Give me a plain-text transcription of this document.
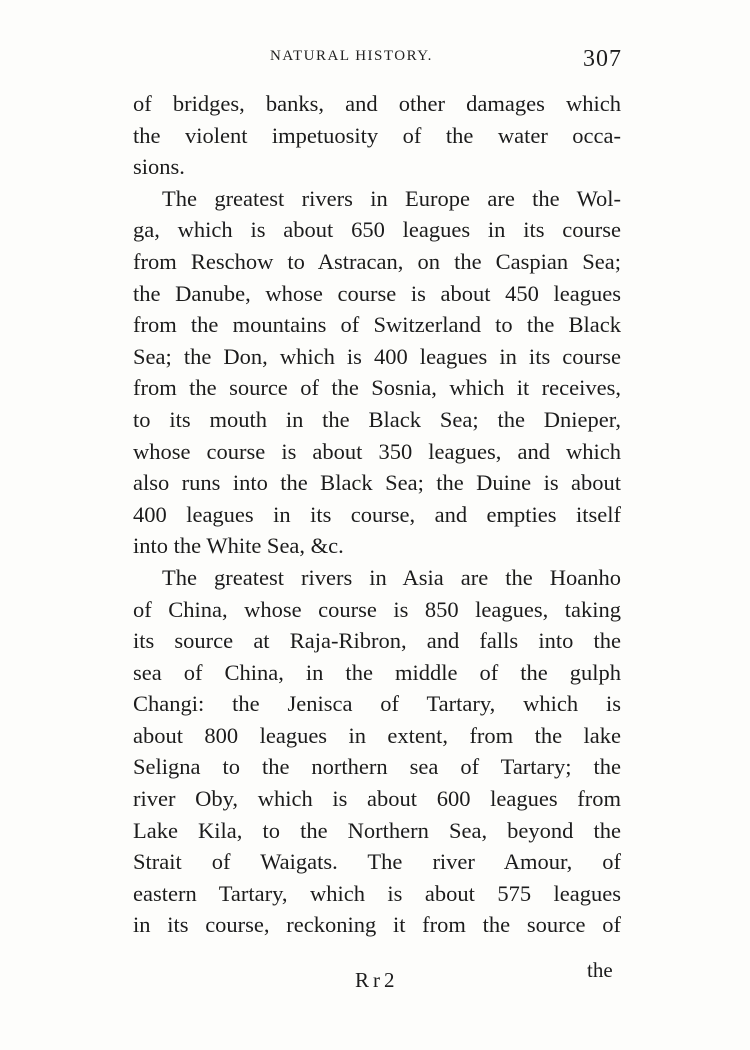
NATURAL HISTORY.	307
of bridges, banks, and other damages which
the violent impetuosity of the water occa-
sions.
The greatest rivers in Europe are the Wol-
ga, which is about 650 leagues in its course
from Reschow to Astracan, on the Caspian Sea;
the Danube, whose course is about 450 leagues
from the mountains of Switzerland to the Black
Sea; the Don, which is 400 leagues in its course
from the source of the Sosnia, which it receives,
to its mouth in the Black Sea; the Dnieper,
whose course is about 350 leagues, and which
also runs into the Black Sea; the Duine is about
400 leagues in its course, and empties itself
into the White Sea, &c.
The greatest rivers in Asia are the Hoanho
of China, whose course is 850 leagues, taking
its source at Raja-Ribron, and falls into the
sea of China, in the middle of the gulph
Changi: the Jenisca of Tartary, which is
about 800 leagues in extent, from the lake
Seligna to the northern sea of Tartary; the
river Oby, which is about 600 leagues from
Lake Kila, to the Northern Sea, beyond the
Strait of Waigats. The river Amour, of
eastern Tartary, which is about 575 leagues
in its course, reckoning it from the source of
Rr2	the
